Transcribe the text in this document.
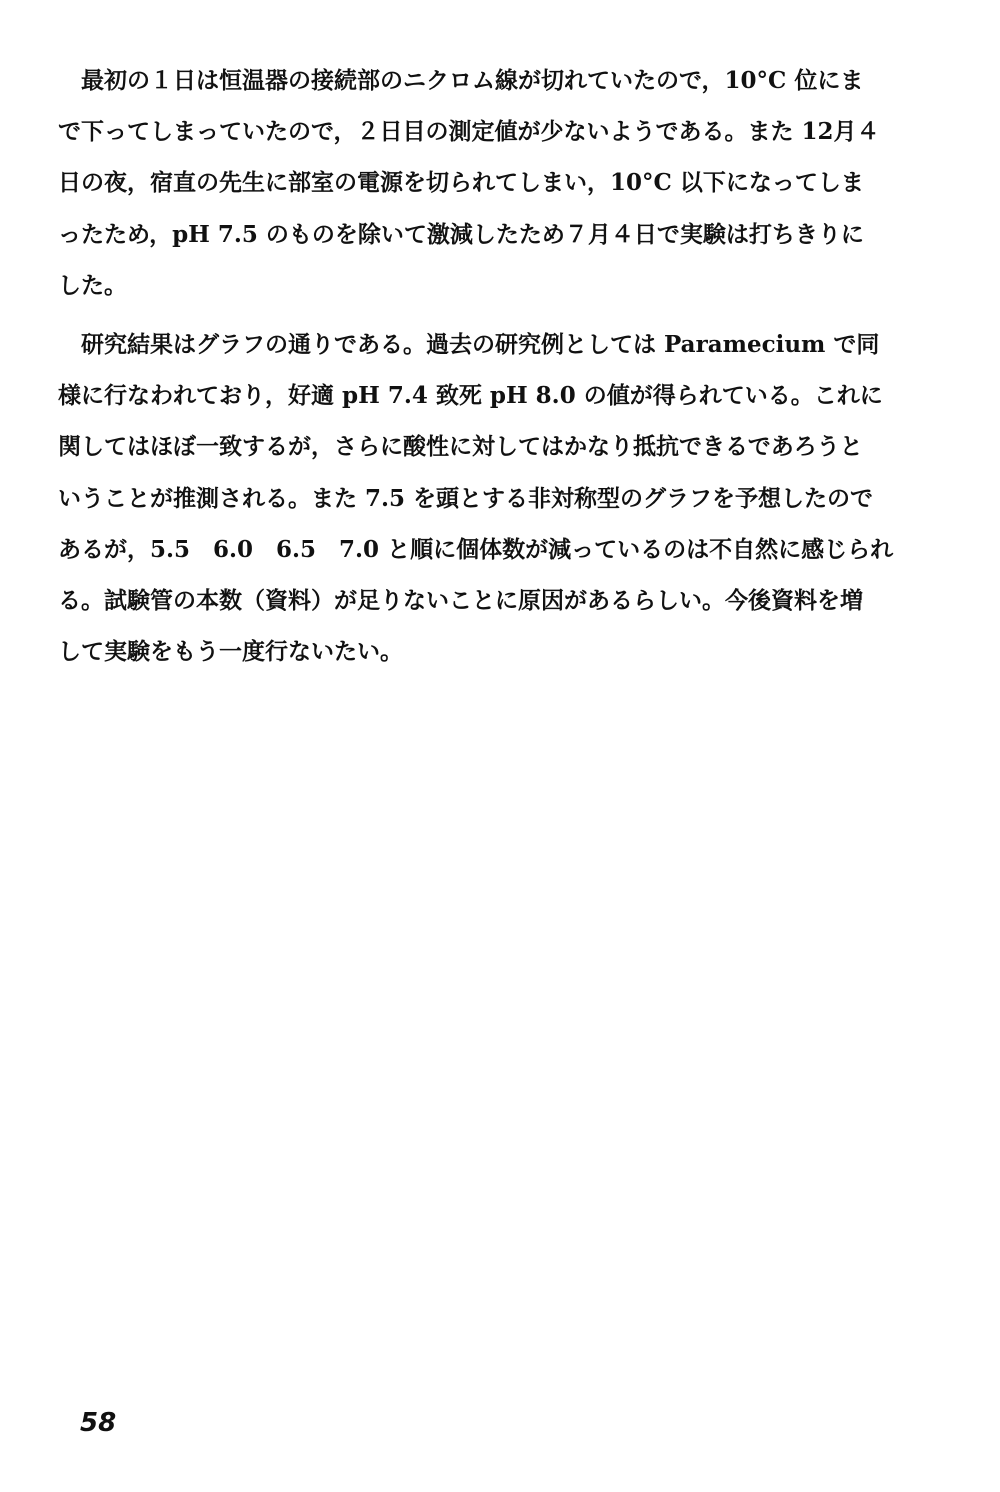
　最初の１日は恒温器の接続部のニクロム線が切れていたので，10°C 位にま
で下ってしまっていたので，２日目の測定値が少ないようである。また 12月４
日の夜，宿直の先生に部室の電源を切られてしまい，10°C 以下になってしま
ったため，pH 7.5 のものを除いて激減したため７月４日で実験は打ちきりに
した。
　研究結果はグラフの通りである。過去の研究例としては Paramecium で同
様に行なわれており，好適 pH 7.4 致死 pH 8.0 の値が得られている。これに
関してはほぼ一致するが，さらに酸性に対してはかなり抵抗できるであろうと
いうことが推測される。また 7.5 を頭とする非対称型のグラフを予想したので
あるが，5.5　6.0　6.5　7.0 と順に個体数が減っているのは不自然に感じられ
る。試験管の本数（資料）が足りないことに原因があるらしい。今後資料を増
して実験をもう一度行ないたい。
58
